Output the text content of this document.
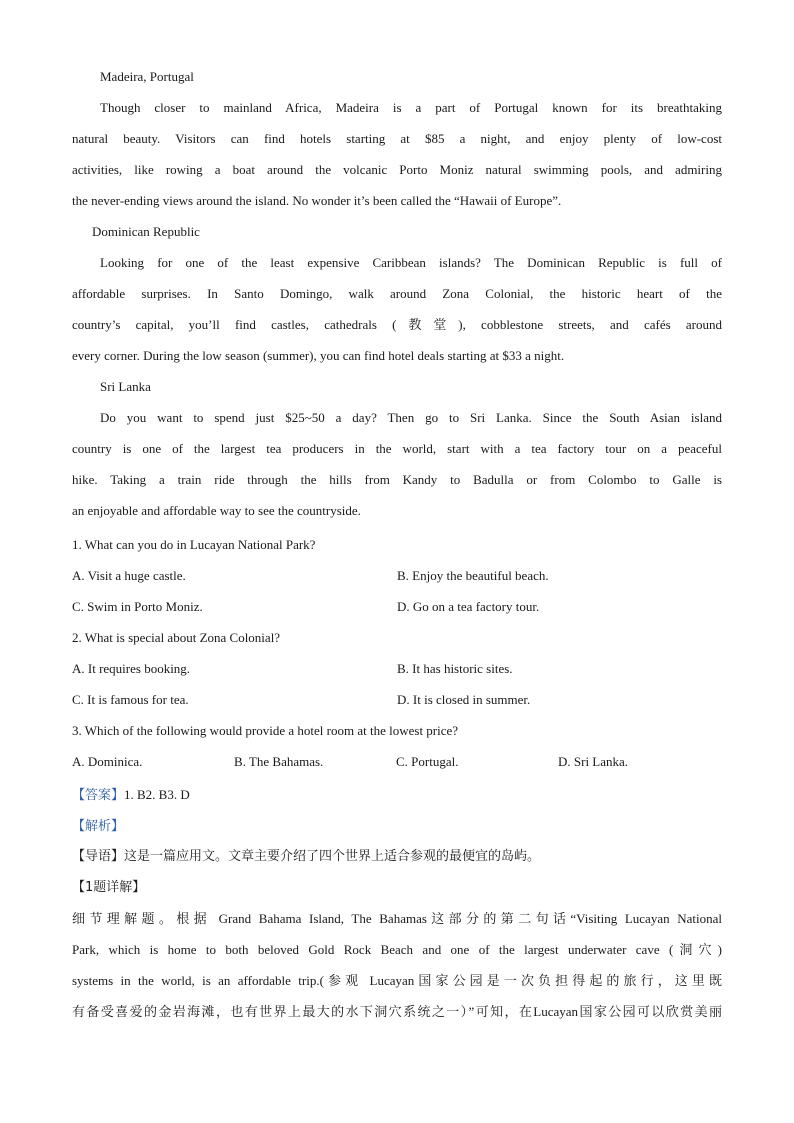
Madeira, Portugal
Though closer to mainland Africa, Madeira is a part of Portugal known for its breathtaking
natural beauty. Visitors can find hotels starting at $85 a night, and enjoy plenty of low-cost
activities, like rowing a boat around the volcanic Porto Moniz natural swimming pools, and admiring
the never-ending views around the island. No wonder it’s been called the “Hawaii of Europe”.
Dominican Republic
Looking for one of the least expensive Caribbean islands? The Dominican Republic is full of
affordable surprises. In Santo Domingo, walk around Zona Colonial, the historic heart of the
country’s capital, you’ll find castles, cathedrals (教堂), cobblestone streets, and cafés around
every corner. During the low season (summer), you can find hotel deals starting at $33 a night.
Sri Lanka
Do you want to spend just $25~50 a day? Then go to Sri Lanka. Since the South Asian island
country is one of the largest tea producers in the world, start with a tea factory tour on a peaceful
hike. Taking a train ride through the hills from Kandy to Badulla or from Colombo to Galle is
an enjoyable and affordable way to see the countryside.
1. What can you do in Lucayan National Park?
A. Visit a huge castle.	B. Enjoy the beautiful beach.
C. Swim in Porto Moniz.	D. Go on a tea factory tour.
2. What is special about Zona Colonial?
A. It requires booking.	B. It has historic sites.
C. It is famous for tea.	D. It is closed in summer.
3. Which of the following would provide a hotel room at the lowest price?
A. Dominica.	B. The Bahamas.	C. Portugal.	D. Sri Lanka.
【答案】1. B2. B3. D
【解析】
【导语】这是一篇应用文。文章主要介绍了四个世界上适合参观的最便宜的岛屿。
【1题详解】
细节理解题。根据 Grand Bahama Island, The Bahamas这部分的第二句话“Visiting Lucayan National
Park, which is home to both beloved Gold Rock Beach and one of the largest underwater cave (洞穴)
systems in the world, is an affordable trip.(参观 Lucayan国家公园是一次负担得起的旅行，这里既
有备受喜爱的金岩海滩，也有世界上最大的水下洞穴系统之一）”可知，在Lucayan国家公园可以欣赏美丽
